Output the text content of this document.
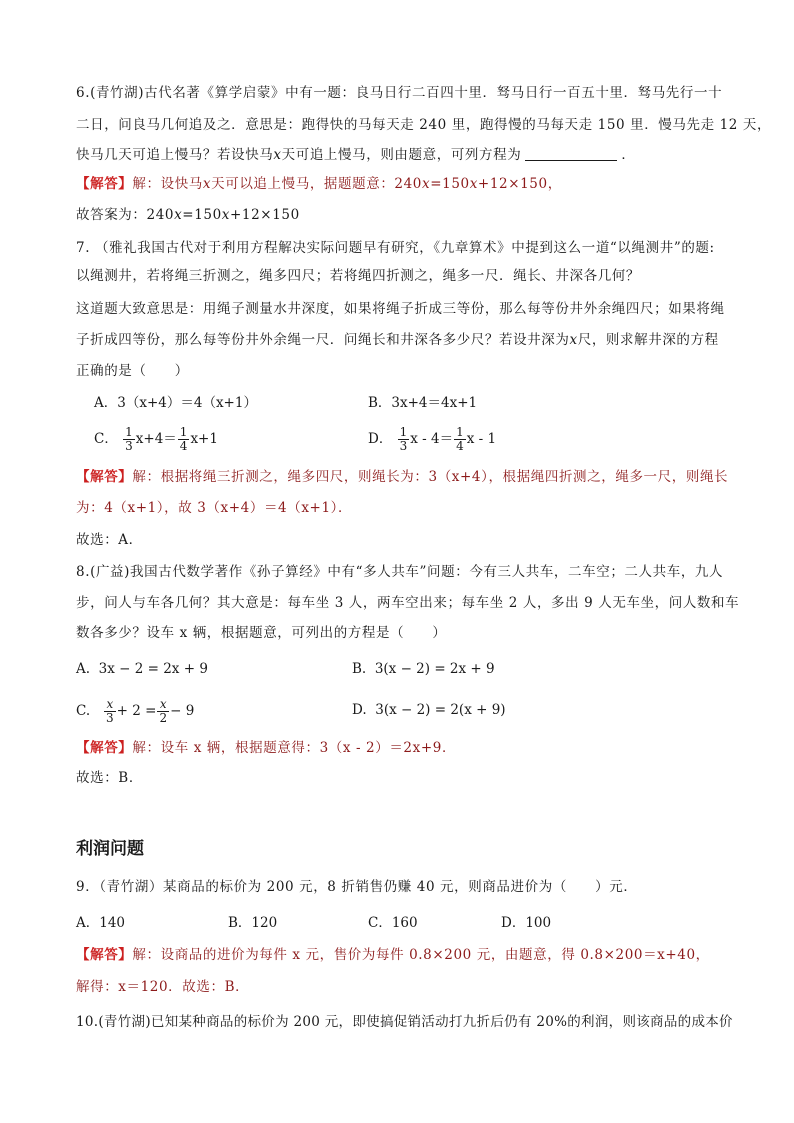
6.(青竹湖)古代名著《算学启蒙》中有一题：良马日行二百四十里．驽马日行一百五十里．驽马先行一十
二日，问良马几何追及之．意思是：跑得快的马每天走 240 里，跑得慢的马每天走 150 里．慢马先走 12 天，
快马几天可追上慢马？若设快马x天可追上慢马，则由题意，可列方程为	．
【解答】解：设快马x天可以追上慢马，据题题意：240x=150x+12×150，
故答案为：240x=150x+12×150
7. （雅礼我国古代对于利用方程解决实际问题早有研究，《九章算术》中提到这么一道“以绳测井”的题:
以绳测井，若将绳三折测之，绳多四尺；若将绳四折测之，绳多一尺．绳长、井深各几何？
这道题大致意思是：用绳子测量水井深度，如果将绳子折成三等份，那么每等份井外余绳四尺；如果将绳
子折成四等份，那么每等份井外余绳一尺．问绳长和井深各多少尺？若设井深为x尺，则求解井深的方程
正确的是（　　）
A．3（x+4）＝4（x+1）	B．3x+4＝4x+1
C． $\frac{1}{3} x+4= \frac{1}{4} x+1$	D． $\frac{1}{3}$ $x - 4= \frac{1}{4}$ x - 1
【解答】解：根据将绳三折测之，绳多四尺，则绳长为：3（x+4），根据绳四折测之，绳多一尺，则绳长
为：4（x+1），故 3（x+4）＝4（x+1）．
故选：A．
8.(广益)我国古代数学著作《孙子算经》中有“多人共车”问题：今有三人共车，二车空；二人共车，九人
步，问人与车各几何？其大意是：每车坐 3 人，两车空出来；每车坐 2 人，多出 9 人无车坐，问人数和车
数各多少？设车 x 辆，根据题意，可列出的方程是（　　）
A. 3x − 2 = 2x + 9	B. 3(x − 2) = 2x + 9
C. $\frac{x}{3} + 2 = \frac{x}{2} - 9$	D. 3(x − 2) = 2(x + 9)
【解答】解：设车 x 辆，根据题意得：3（x - 2）＝2x+9．
故选：B．
利润问题
9．（青竹湖）某商品的标价为 200 元，8 折销售仍赚 40 元，则商品进价为（　　）元．
A．140	B．120	C．160	D．100
【解答】解：设商品的进价为每件 x 元，售价为每件 0.8×200 元，由题意，得 0.8×200＝x+40，
解得：x＝120．故选：B．
10.(青竹湖)已知某种商品的标价为 200 元，即使搞促销活动打九折后仍有 20%的利润，则该商品的成本价
